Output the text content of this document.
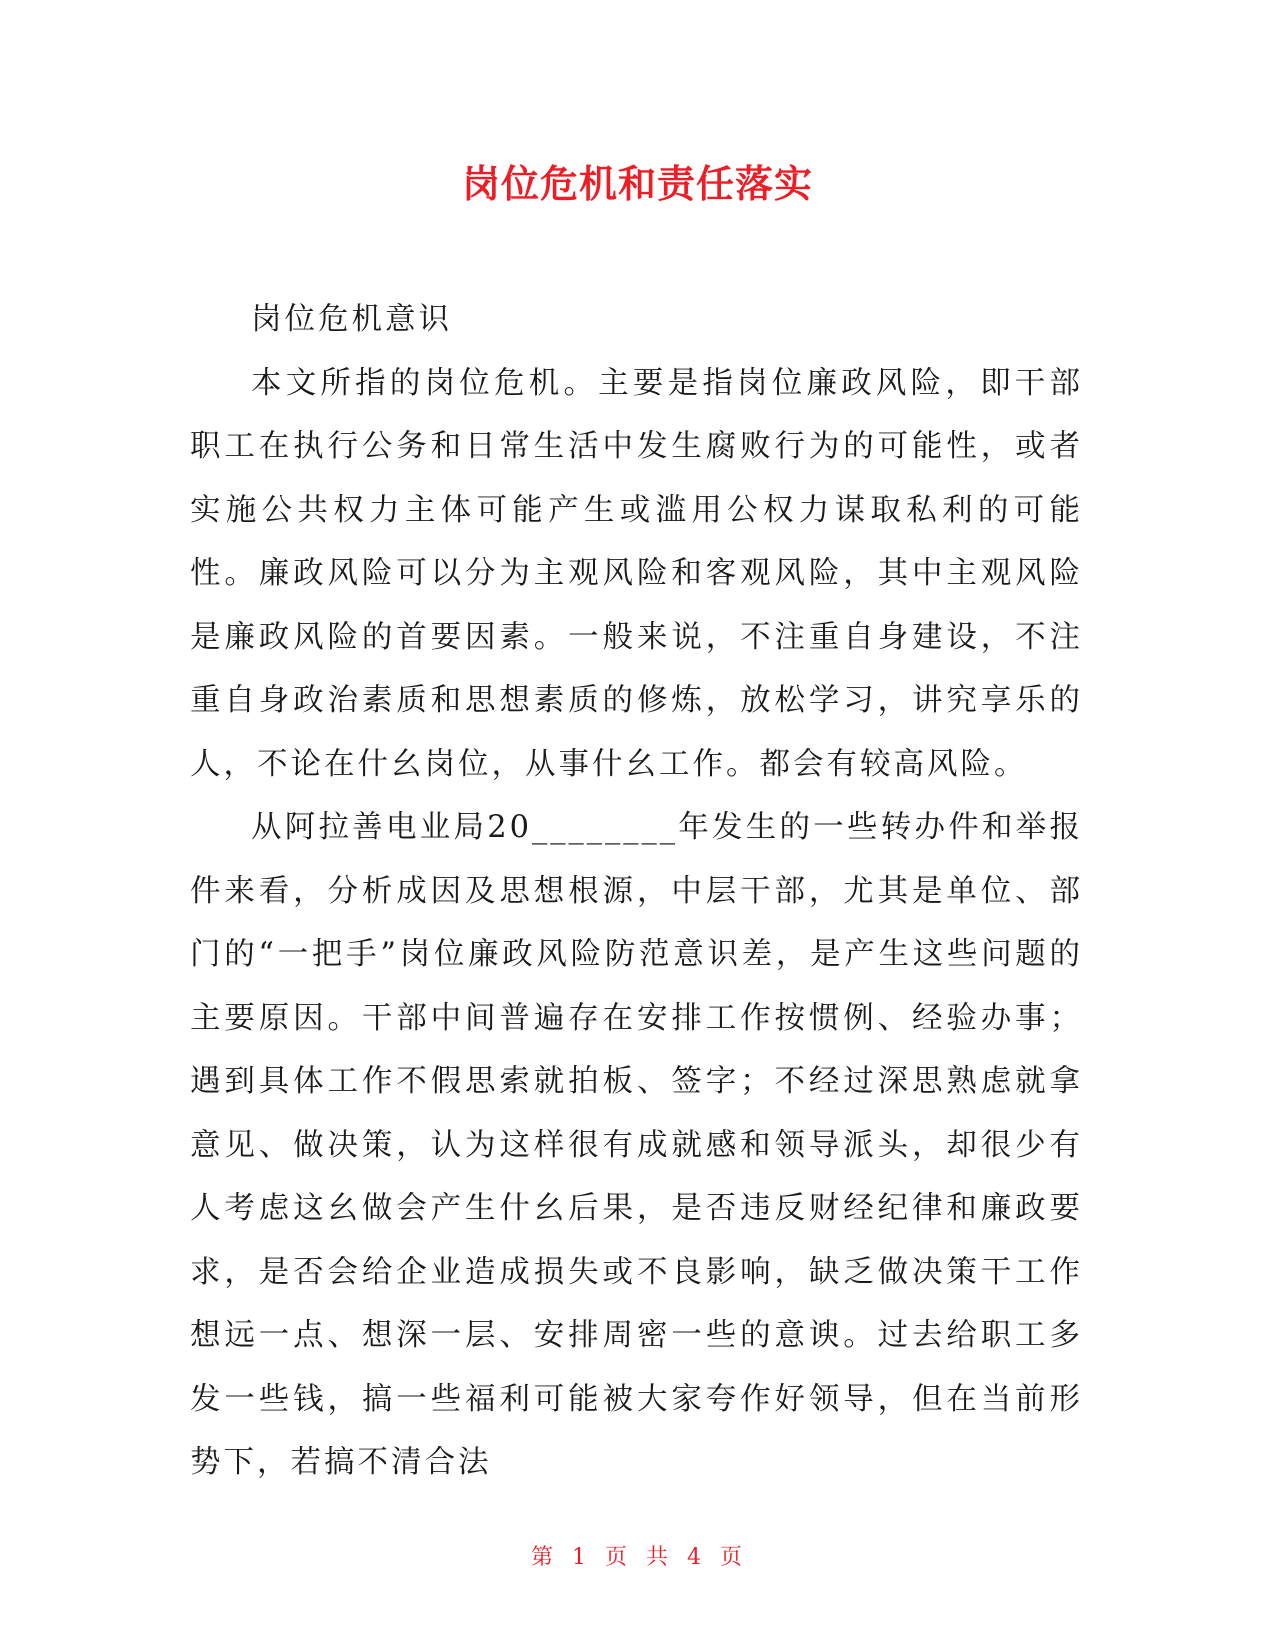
岗位危机和责任落实

岗位危机意识

本文所指的岗位危机。主要是指岗位廉政风险，即干部职工在执行公务和日常生活中发生腐败行为的可能性，或者实施公共权力主体可能产生或滥用公权力谋取私利的可能性。廉政风险可以分为主观风险和客观风险，其中主观风险是廉政风险的首要因素。一般来说，不注重自身建设，不注重自身政治素质和思想素质的修炼，放松学习，讲究享乐的人，不论在什幺岗位，从事什幺工作。都会有较高风险。

从阿拉善电业局20________年发生的一些转办件和举报件来看，分析成因及思想根源，中层干部，尤其是单位、部门的“一把手”岗位廉政风险防范意识差，是产生这些问题的主要原因。干部中间普遍存在安排工作按惯例、经验办事；遇到具体工作不假思索就拍板、签字；不经过深思熟虑就拿意见、做决策，认为这样很有成就感和领导派头，却很少有人考虑这幺做会产生什幺后果，是否违反财经纪律和廉政要求，是否会给企业造成损失或不良影响，缺乏做决策干工作想远一点、想深一层、安排周密一些的意谀。过去给职工多发一些钱，搞一些福利可能被大家夸作好领导，但在当前形势下，若搞不清合法

第 1 页 共 4 页
